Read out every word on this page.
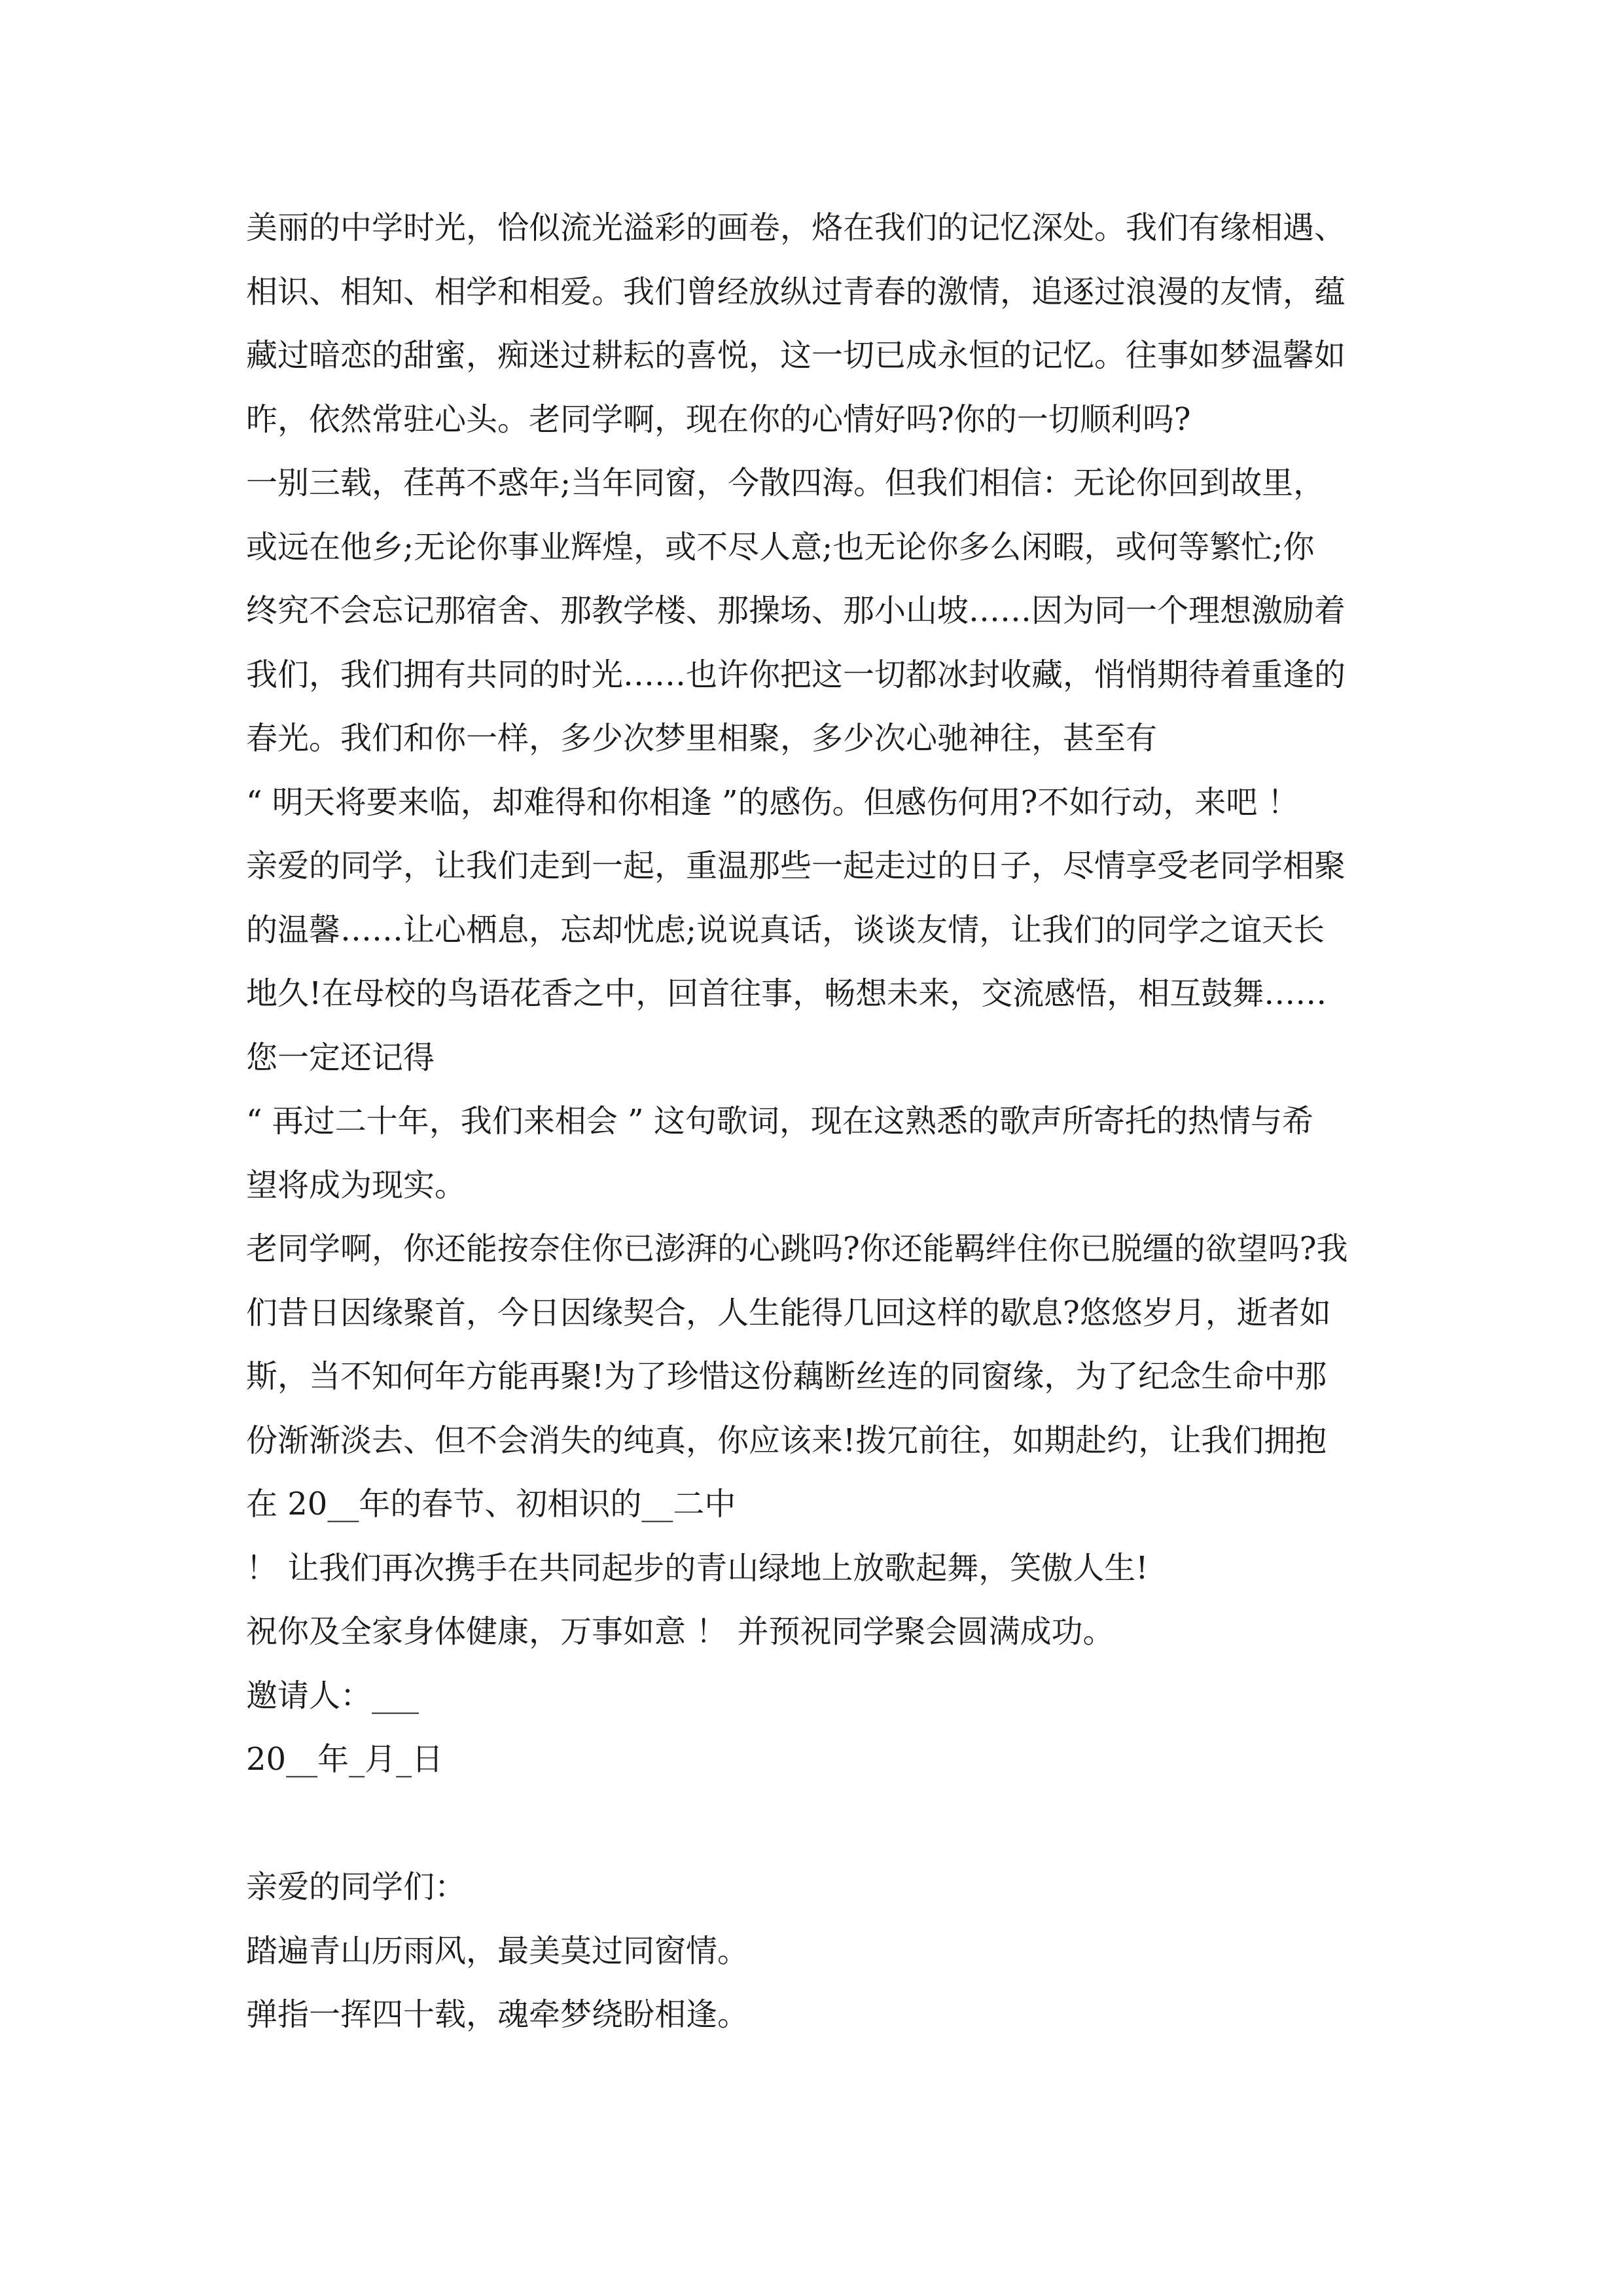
美丽的中学时光，恰似流光溢彩的画卷，烙在我们的记忆深处。我们有缘相遇、
相识、相知、相学和相爱。我们曾经放纵过青春的激情，追逐过浪漫的友情，蕴
藏过暗恋的甜蜜，痴迷过耕耘的喜悦，这一切已成永恒的记忆。往事如梦温馨如
昨，依然常驻心头。老同学啊，现在你的心情好吗?你的一切顺利吗?
一别三载，荏苒不惑年;当年同窗，今散四海。但我们相信：无论你回到故里，
或远在他乡;无论你事业辉煌，或不尽人意;也无论你多么闲暇，或何等繁忙;你
终究不会忘记那宿舍、那教学楼、那操场、那小山坡……因为同一个理想激励着
我们，我们拥有共同的时光……也许你把这一切都冰封收藏，悄悄期待着重逢的
春光。我们和你一样，多少次梦里相聚，多少次心驰神往，甚至有
“ 明天将要来临，却难得和你相逢 ”的感伤。但感伤何用?不如行动，来吧 ！
亲爱的同学，让我们走到一起，重温那些一起走过的日子，尽情享受老同学相聚
的温馨……让心栖息，忘却忧虑;说说真话，谈谈友情，让我们的同学之谊天长
地久!在母校的鸟语花香之中，回首往事，畅想未来，交流感悟，相互鼓舞……
您一定还记得
“ 再过二十年，我们来相会 ” 这句歌词，现在这熟悉的歌声所寄托的热情与希
望将成为现实。
老同学啊，你还能按奈住你已澎湃的心跳吗?你还能羁绊住你已脱缰的欲望吗?我
们昔日因缘聚首，今日因缘契合，人生能得几回这样的歇息?悠悠岁月，逝者如
斯，当不知何年方能再聚!为了珍惜这份藕断丝连的同窗缘，为了纪念生命中那
份渐渐淡去、但不会消失的纯真，你应该来!拨冗前往，如期赴约，让我们拥抱
在 20__年的春节、初相识的__二中
！ 让我们再次携手在共同起步的青山绿地上放歌起舞，笑傲人生!
祝你及全家身体健康，万事如意 ！ 并预祝同学聚会圆满成功。
邀请人：___
20__年_月_日
亲爱的同学们：
踏遍青山历雨风，最美莫过同窗情。
弹指一挥四十载，魂牵梦绕盼相逢。
